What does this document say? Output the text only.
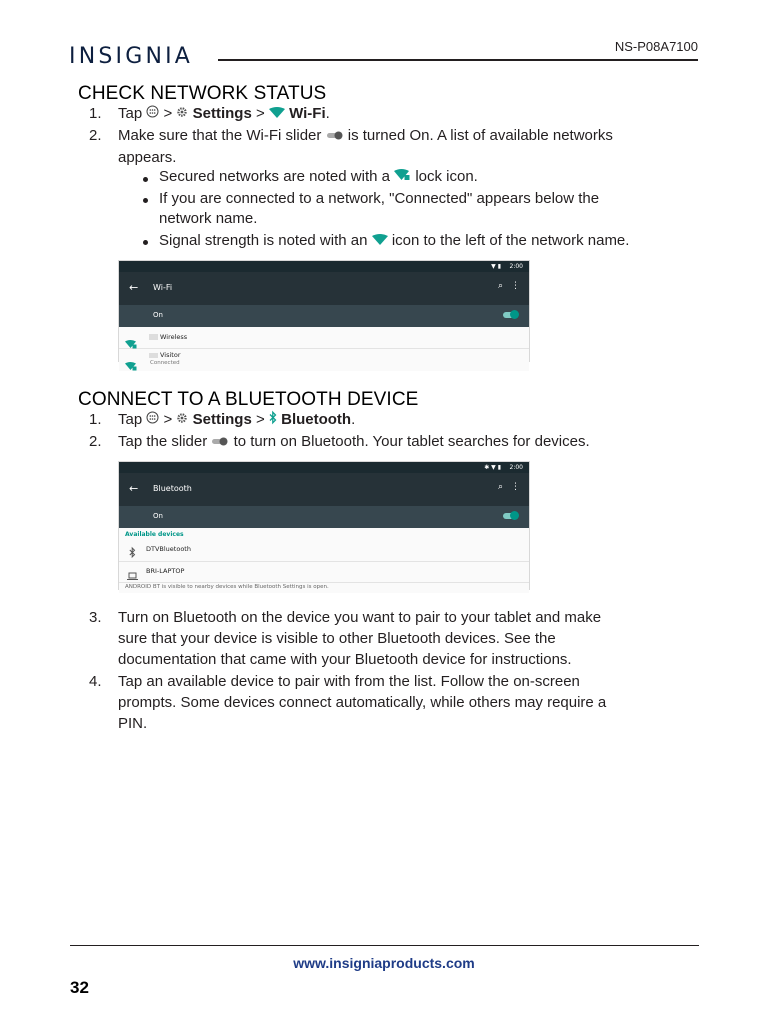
INSIGNIA	NS-P08A7100
CHECK NETWORK STATUS
1. Tap > Settings > Wi-Fi.
2. Make sure that the Wi-Fi slider is turned On. A list of available networks
appears.
Secured networks are noted with a lock icon.
If you are connected to a network, "Connected" appears below the
network name.
Signal strength is noted with an icon to the left of the network name.
▼ ▮ 2:00
← Wi-Fi	⌕ ⋮
On
Wireless
Visitor
Connected
CONNECT TO A BLUETOOTH DEVICE
1. Tap > Settings > Bluetooth.
2. Tap the slider to turn on Bluetooth. Your tablet searches for devices.
✱ ▼ ▮ 2:00
← Bluetooth	⌕ ⋮
On
Available devices
DTVBluetooth
BRI-LAPTOP
ANDROID BT is visible to nearby devices while Bluetooth Settings is open.
3. Turn on Bluetooth on the device you want to pair to your tablet and make
sure that your device is visible to other Bluetooth devices. See the
documentation that came with your Bluetooth device for instructions.
4. Tap an available device to pair with from the list. Follow the on-screen
prompts. Some devices connect automatically, while others may require a
PIN.
www.insigniaproducts.com
32
